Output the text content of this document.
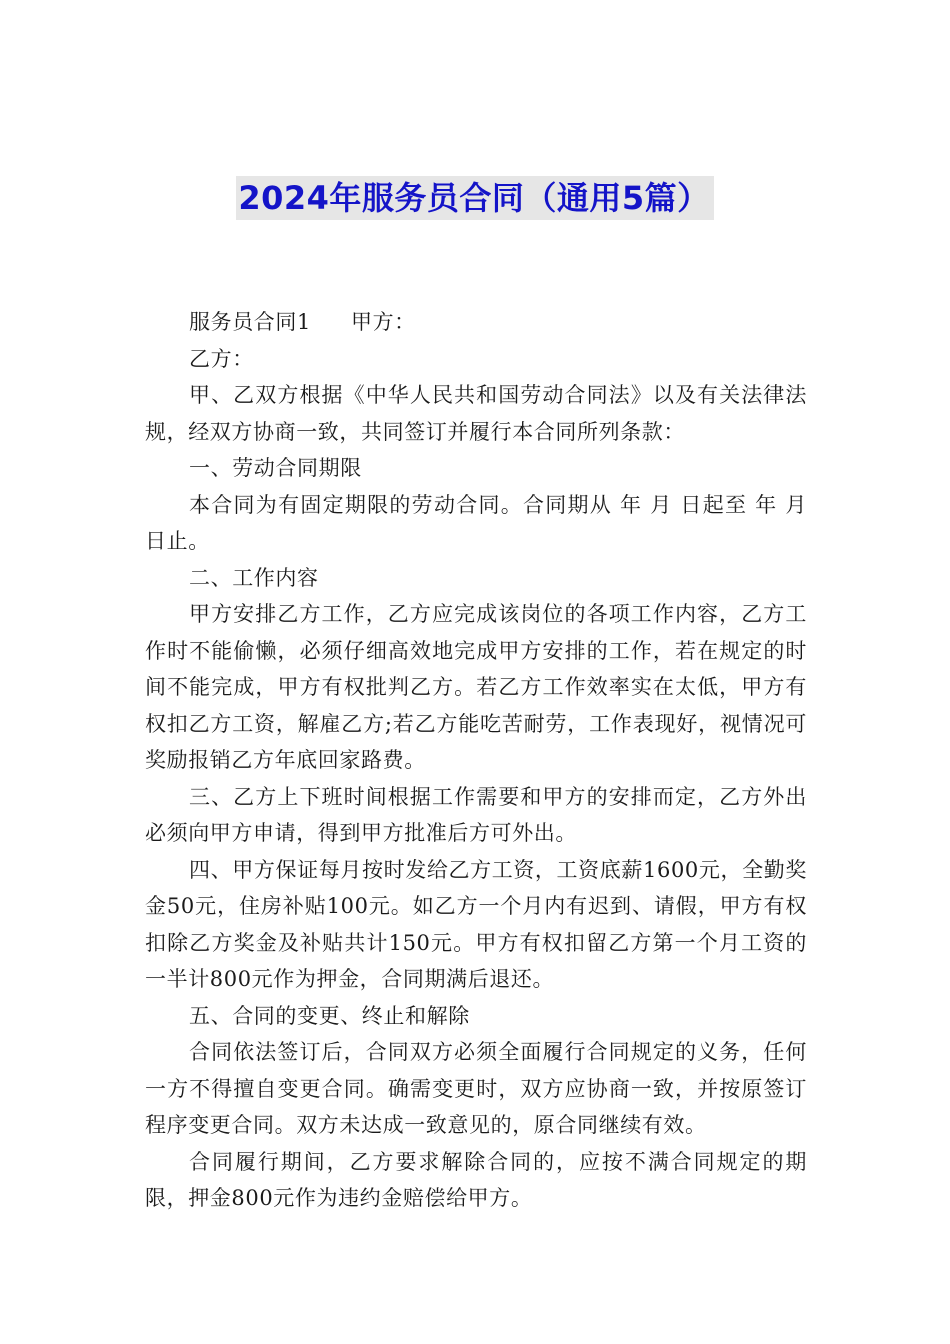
2024年服务员合同（通用5篇）

服务员合同1 甲方：

乙方：

甲、乙双方根据《中华人民共和国劳动合同法》以及有关法律法规，经双方协商一致，共同签订并履行本合同所列条款：

一、劳动合同期限

本合同为有固定期限的劳动合同。合同期从 年 月 日起至 年 月日止。

二、工作内容

甲方安排乙方工作，乙方应完成该岗位的各项工作内容，乙方工作时不能偷懒，必须仔细高效地完成甲方安排的工作，若在规定的时间不能完成，甲方有权批判乙方。若乙方工作效率实在太低，甲方有权扣乙方工资，解雇乙方;若乙方能吃苦耐劳，工作表现好，视情况可奖励报销乙方年底回家路费。

三、乙方上下班时间根据工作需要和甲方的安排而定，乙方外出必须向甲方申请，得到甲方批准后方可外出。

四、甲方保证每月按时发给乙方工资，工资底薪1600元，全勤奖金50元，住房补贴100元。如乙方一个月内有迟到、请假，甲方有权扣除乙方奖金及补贴共计150元。甲方有权扣留乙方第一个月工资的一半计800元作为押金，合同期满后退还。

五、合同的变更、终止和解除

合同依法签订后，合同双方必须全面履行合同规定的义务，任何一方不得擅自变更合同。确需变更时，双方应协商一致，并按原签订程序变更合同。双方未达成一致意见的，原合同继续有效。

合同履行期间，乙方要求解除合同的，应按不满合同规定的期限，押金800元作为违约金赔偿给甲方。
